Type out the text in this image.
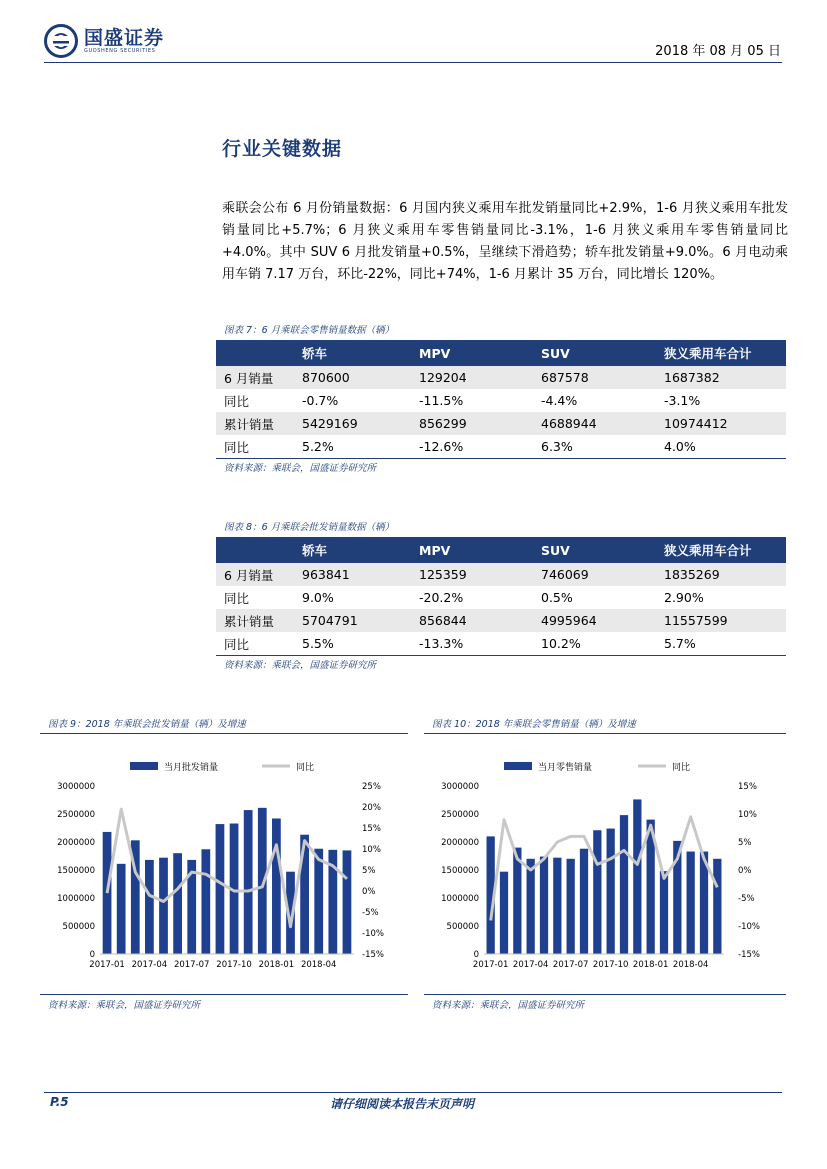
国盛证券
GUOSHENG SECURITIES	2018 年 08 月 05 日
行业关键数据
乘联会公布 6 月份销量数据：6 月国内狭义乘用车批发销量同比+2.9%，1-6 月狭义乘用车批发销量同比+5.7%；6 月狭义乘用车零售销量同比-3.1%，1-6 月狭义乘用车零售销量同比+4.0%。其中 SUV 6 月批发销量+0.5%，呈继续下滑趋势；轿车批发销量+9.0%。6 月电动乘用车销 7.17 万台，环比-22%，同比+74%，1-6 月累计 35 万台，同比增长 120%。
图表 7：6 月乘联会零售销量数据（辆）
	轿车	MPV	SUV	狭义乘用车合计
6 月销量	870600	129204	687578	1687382
同比	-0.7%	-11.5%	-4.4%	-3.1%
累计销量	5429169	856299	4688944	10974412
同比	5.2%	-12.6%	6.3%	4.0%
资料来源：乘联会，国盛证券研究所
图表 8：6 月乘联会批发销量数据（辆）
	轿车	MPV	SUV	狭义乘用车合计
6 月销量	963841	125359	746069	1835269
同比	9.0%	-20.2%	0.5%	2.90%
累计销量	5704791	856844	4995964	11557599
同比	5.5%	-13.3%	10.2%	5.7%
资料来源：乘联会，国盛证券研究所
图表 9：2018 年乘联会批发销量（辆）及增速
当月批发销量	同比
0
500000
1000000
1500000
2000000
2500000
3000000
-15%
-10%
-5%
0%
5%
10%
15%
20%
25%
2017-01 2017-04 2017-07 2017-10 2018-01 2018-04
资料来源：乘联会，国盛证券研究所
图表 10：2018 年乘联会零售销量（辆）及增速
当月零售销量	同比
0
500000
1000000
1500000
2000000
2500000
3000000
-15%
-10%
-5%
0%
5%
10%
15%
2017-01 2017-04 2017-07 2017-10 2018-01 2018-04
资料来源：乘联会，国盛证券研究所
P.5	请仔细阅读本报告末页声明
